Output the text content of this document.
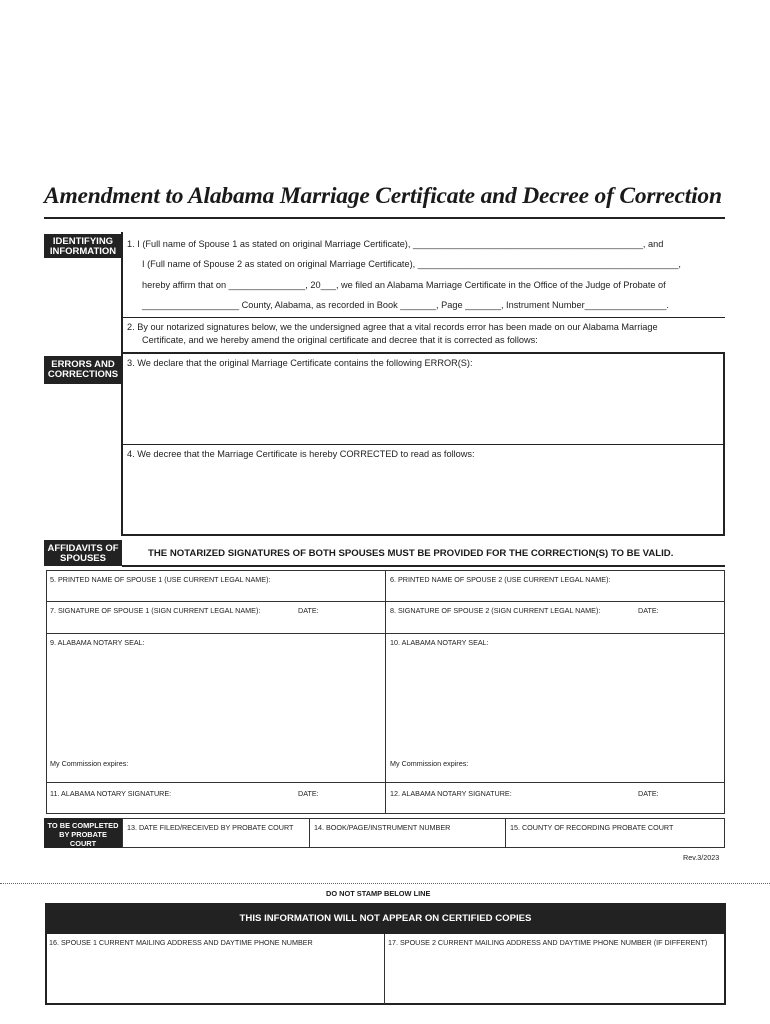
Amendment to Alabama Marriage Certificate and Decree of Correction
IDENTIFYING INFORMATION
1. I (Full name of Spouse 1 as stated on original Marriage Certificate), _____________________________________________, and
I (Full name of Spouse 2 as stated on original Marriage Certificate), ___________________________________________________,
hereby affirm that on _______________, 20___, we filed an Alabama Marriage Certificate in the Office of the Judge of Probate of
___________________ County, Alabama, as recorded in Book _______, Page _______, Instrument Number________________.
2. By our notarized signatures below, we the undersigned agree that a vital records error has been made on our Alabama Marriage
Certificate, and we hereby amend the original certificate and decree that it is corrected as follows:
ERRORS AND CORRECTIONS
3. We declare that the original Marriage Certificate contains the following ERROR(S):
4. We decree that the Marriage Certificate is hereby CORRECTED to read as follows:
AFFIDAVITS OF SPOUSES	THE NOTARIZED SIGNATURES OF BOTH SPOUSES MUST BE PROVIDED FOR THE CORRECTION(S) TO BE VALID.
5. PRINTED NAME OF SPOUSE 1 (USE CURRENT LEGAL NAME):	6. PRINTED NAME OF SPOUSE 2 (USE CURRENT LEGAL NAME):
7. SIGNATURE OF SPOUSE 1 (SIGN CURRENT LEGAL NAME):	DATE:	8. SIGNATURE OF SPOUSE 2 (SIGN CURRENT LEGAL NAME):	DATE:
9. ALABAMA NOTARY SEAL:	10. ALABAMA NOTARY SEAL:
My Commission expires:	My Commission expires:
11. ALABAMA NOTARY SIGNATURE:	DATE:	12. ALABAMA NOTARY SIGNATURE:	DATE:
TO BE COMPLETED BY PROBATE COURT
13. DATE FILED/RECEIVED BY PROBATE COURT	14. BOOK/PAGE/INSTRUMENT NUMBER	15. COUNTY OF RECORDING PROBATE COURT
Rev.3/2023
DO NOT STAMP BELOW LINE
THIS INFORMATION WILL NOT APPEAR ON CERTIFIED COPIES
16. SPOUSE 1 CURRENT MAILING ADDRESS AND DAYTIME PHONE NUMBER	17. SPOUSE 2 CURRENT MAILING ADDRESS AND DAYTIME PHONE NUMBER (IF DIFFERENT)
